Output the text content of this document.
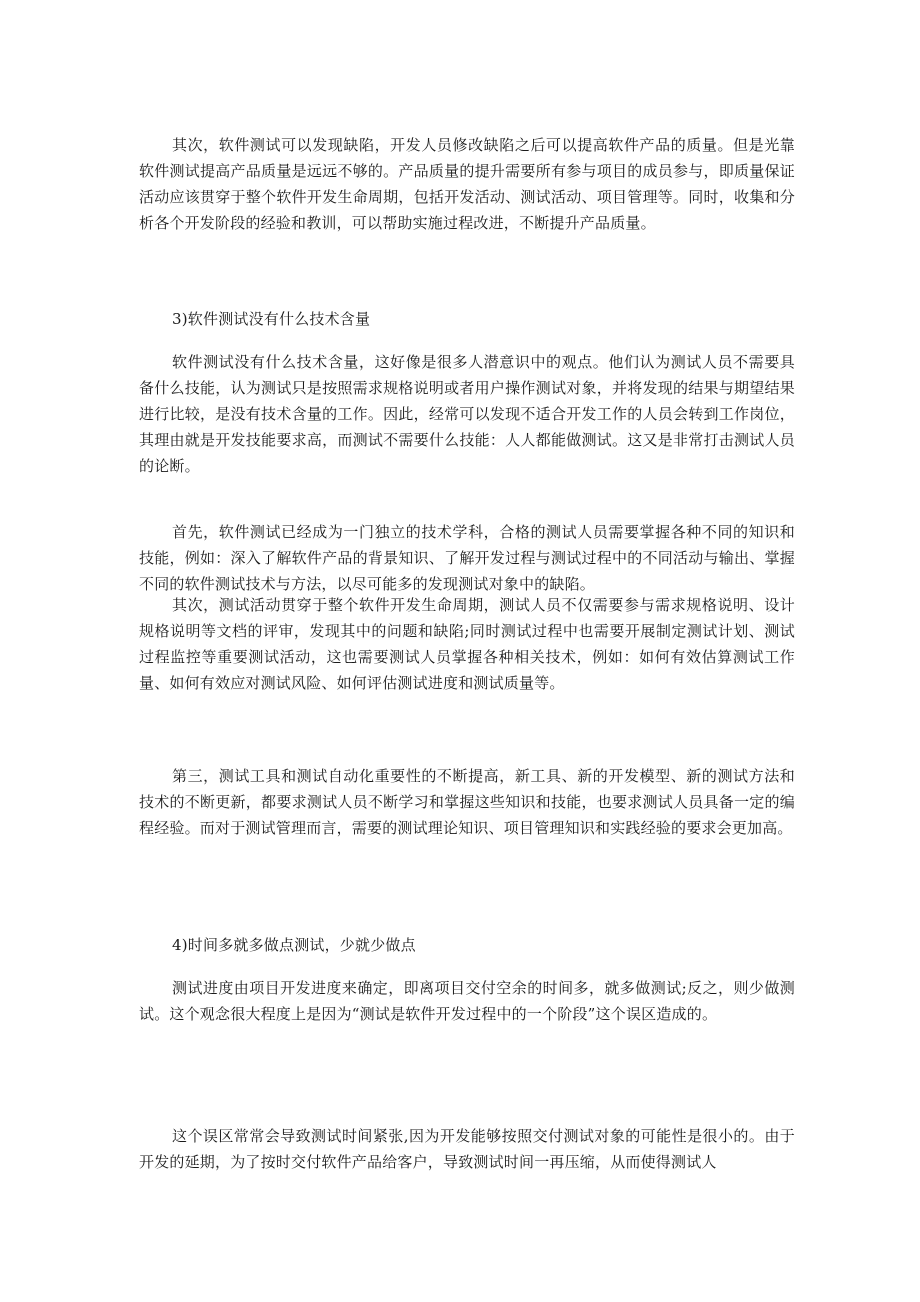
其次，软件测试可以发现缺陷，开发人员修改缺陷之后可以提高软件产品的质量。但是光靠软件测试提高产品质量是远远不够的。产品质量的提升需要所有参与项目的成员参与，即质量保证活动应该贯穿于整个软件开发生命周期，包括开发活动、测试活动、项目管理等。同时，收集和分析各个开发阶段的经验和教训，可以帮助实施过程改进，不断提升产品质量。

3)软件测试没有什么技术含量

软件测试没有什么技术含量，这好像是很多人潜意识中的观点。他们认为测试人员不需要具备什么技能，认为测试只是按照需求规格说明或者用户操作测试对象，并将发现的结果与期望结果进行比较，是没有技术含量的工作。因此，经常可以发现不适合开发工作的人员会转到工作岗位，其理由就是开发技能要求高，而测试不需要什么技能：人人都能做测试。这又是非常打击测试人员的论断。

首先，软件测试已经成为一门独立的技术学科，合格的测试人员需要掌握各种不同的知识和技能，例如：深入了解软件产品的背景知识、了解开发过程与测试过程中的不同活动与输出、掌握不同的软件测试技术与方法，以尽可能多的发现测试对象中的缺陷。

其次，测试活动贯穿于整个软件开发生命周期，测试人员不仅需要参与需求规格说明、设计规格说明等文档的评审，发现其中的问题和缺陷;同时测试过程中也需要开展制定测试计划、测试过程监控等重要测试活动，这也需要测试人员掌握各种相关技术，例如：如何有效估算测试工作量、如何有效应对测试风险、如何评估测试进度和测试质量等。

第三，测试工具和测试自动化重要性的不断提高，新工具、新的开发模型、新的测试方法和技术的不断更新，都要求测试人员不断学习和掌握这些知识和技能，也要求测试人员具备一定的编程经验。而对于测试管理而言，需要的测试理论知识、项目管理知识和实践经验的要求会更加高。

4)时间多就多做点测试，少就少做点

测试进度由项目开发进度来确定，即离项目交付空余的时间多，就多做测试;反之，则少做测试。这个观念很大程度上是因为“测试是软件开发过程中的一个阶段”这个误区造成的。

这个误区常常会导致测试时间紧张,因为开发能够按照交付测试对象的可能性是很小的。由于开发的延期，为了按时交付软件产品给客户，导致测试时间一再压缩，从而使得测试人
